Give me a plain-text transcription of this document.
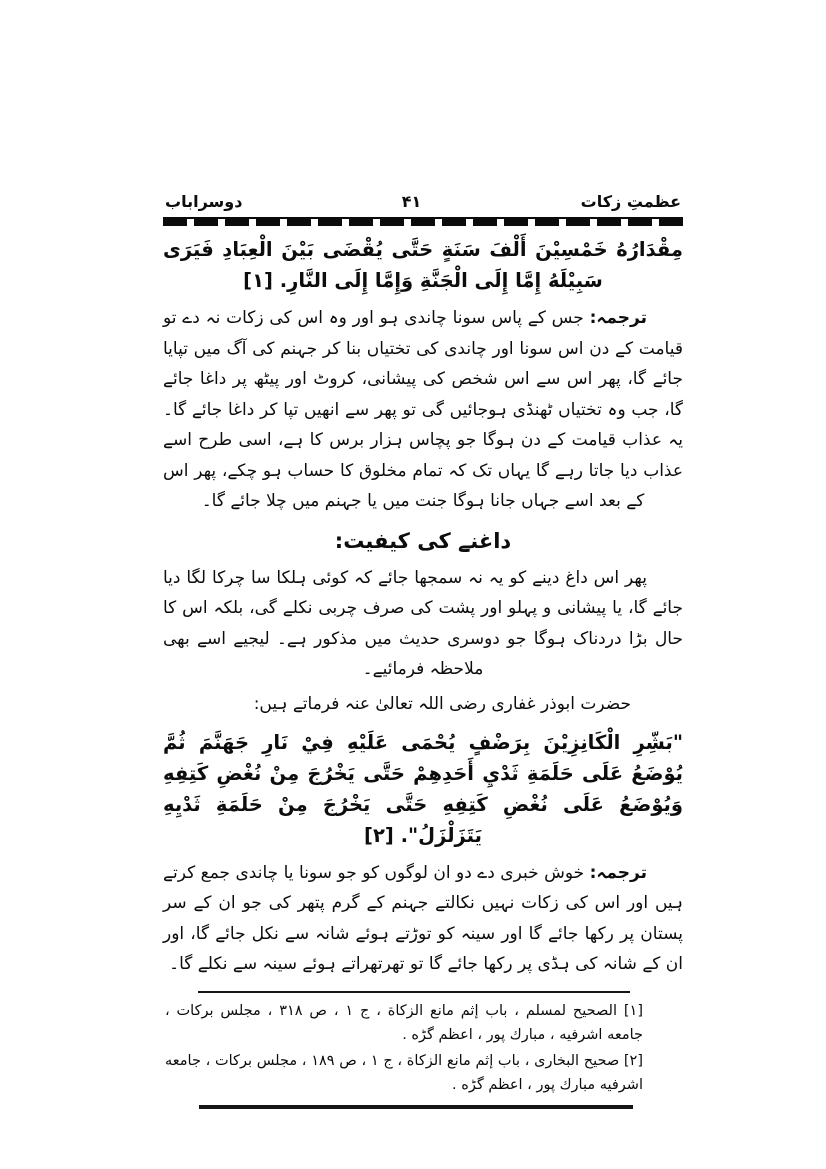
عظمتِ زکات
۴۱
دوسراباب
مِقْدَارُهُ خَمْسِيْنَ أَلْفَ سَنَةٍ حَتَّى يُقْضَى بَيْنَ الْعِبَادِ فَيَرَى سَبِيْلَهُ إِمَّا إِلَى الْجَنَّةِ وَإِمَّا إِلَى النَّارِ. [۱]
ترجمہ: جس کے پاس سونا چاندی ہو اور وہ اس کی زکات نہ دے تو قیامت کے دن اس سونا اور چاندی کی تختیاں بنا کر جہنم کی آگ میں تپایا جائے گا، پھر اس سے اس شخص کی پیشانی، کروٹ اور پیٹھ پر داغا جائے گا، جب وہ تختیاں ٹھنڈی ہوجائیں گی تو پھر سے انھیں تپا کر داغا جائے گا۔ یہ عذاب قیامت کے دن ہوگا جو پچاس ہزار برس کا ہے، اسی طرح اسے عذاب دیا جاتا رہے گا یہاں تک کہ تمام مخلوق کا حساب ہو چکے، پھر اس کے بعد اسے جہاں جانا ہوگا جنت میں یا جہنم میں چلا جائے گا۔
داغنے کی کیفیت:
پھر اس داغ دینے کو یہ نہ سمجھا جائے کہ کوئی ہلکا سا چرکا لگا دیا جائے گا، یا پیشانی و پہلو اور پشت کی صرف چربی نکلے گی، بلکہ اس کا حال بڑا دردناک ہوگا جو دوسری حدیث میں مذکور ہے۔ لیجیے اسے بھی ملاحظہ فرمائیے۔
حضرت ابوذر غفاری رضی اللہ تعالیٰ عنہ فرماتے ہیں:
"بَشِّرِ الْكَانِزِيْنَ بِرَضْفٍ يُحْمَى عَلَيْهِ فِيْ نَارِ جَهَنَّمَ ثُمَّ يُوْضَعُ عَلَى حَلَمَةِ ثَدْيِ أَحَدِهِمْ حَتَّى يَخْرُجَ مِنْ نُغْضِ كَتِفِهِ وَيُوْضَعُ عَلَى نُغْضِ كَتِفِهِ حَتَّى يَخْرُجَ مِنْ حَلَمَةِ ثَدْيِهِ يَتَزَلْزَلُ". [۲]
ترجمہ: خوش خبری دے دو ان لوگوں کو جو سونا یا چاندی جمع کرتے ہیں اور اس کی زکات نہیں نکالتے جہنم کے گرم پتھر کی جو ان کے سر پستان پر رکھا جائے گا اور سینہ کو توڑتے ہوئے شانہ سے نکل جائے گا، اور ان کے شانہ کی ہڈی پر رکھا جائے گا تو تھرتھراتے ہوئے سینہ سے نکلے گا۔
[۱] الصحيح لمسلم ، باب إثم مانع الزكاة ، ج ۱ ، ص ۳۱۸ ، مجلس بركات ، جامعه اشرفيه ، مبارك پور ، اعظم گڑه .
[۲] صحيح البخارى ، باب إثم مانع الزكاة ، ج ۱ ، ص ۱۸۹ ، مجلس بركات ، جامعه اشرفيه مبارك پور ، اعظم گڑه .
